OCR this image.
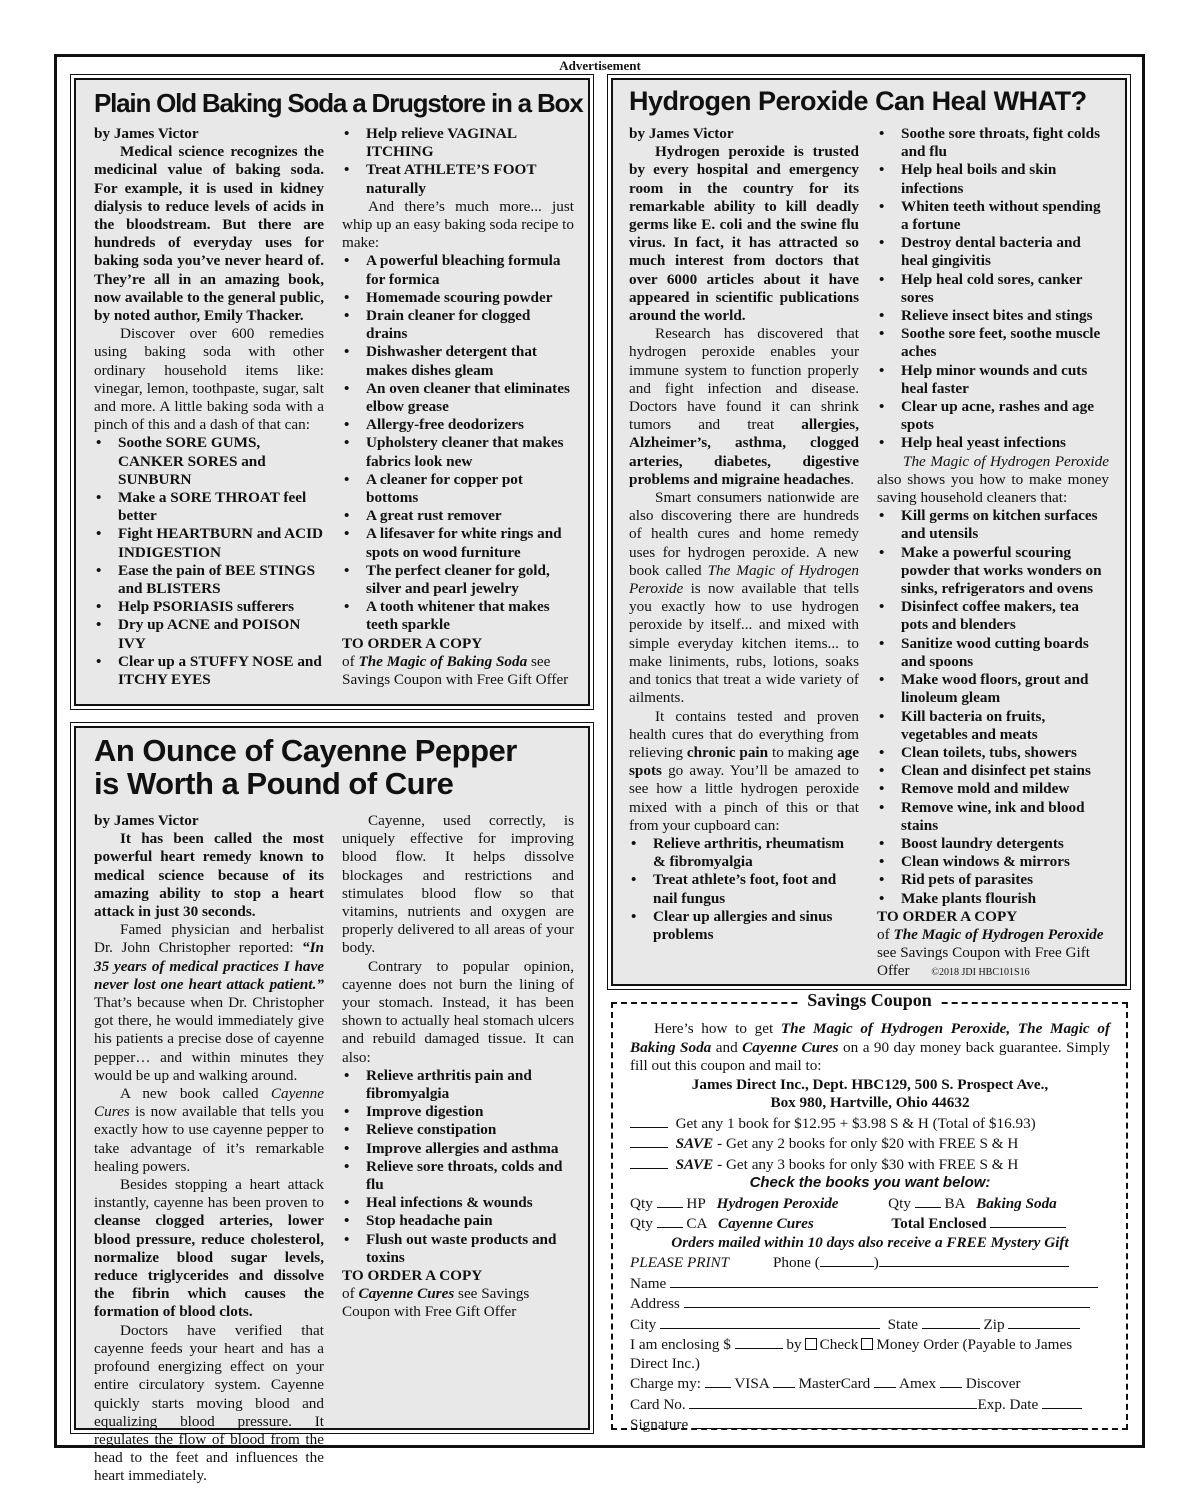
Advertisement
Plain Old Baking Soda a Drugstore in a Box

by James Victor

Medical science recognizes the medicinal value of baking soda. For example, it is used in kidney dialysis to reduce levels of acids in the bloodstream. But there are hundreds of everyday uses for baking soda you’ve never heard of. They’re all in an amazing book, now available to the general public, by noted author, Emily Thacker.

Discover over 600 remedies using baking soda with other ordinary household items like: vinegar, lemon, toothpaste, sugar, salt and more. A little baking soda with a pinch of this and a dash of that can:

• Soothe SORE GUMS, CANKER SORES and SUNBURN
• Make a SORE THROAT feel better
• Fight HEARTBURN and ACID INDIGESTION
• Ease the pain of BEE STINGS and BLISTERS
• Help PSORIASIS sufferers
• Dry up ACNE and POISON IVY
• Clear up a STUFFY NOSE and ITCHY EYES
• Help relieve VAGINAL ITCHING
• Treat ATHLETE’S FOOT naturally

And there’s much more... just whip up an easy baking soda recipe to make:

• A powerful bleaching formula for formica
• Homemade scouring powder
• Drain cleaner for clogged drains
• Dishwasher detergent that makes dishes gleam
• An oven cleaner that eliminates elbow grease
• Allergy-free deodorizers
• Upholstery cleaner that makes fabrics look new
• A cleaner for copper pot bottoms
• A great rust remover
• A lifesaver for white rings and spots on wood furniture
• The perfect cleaner for gold, silver and pearl jewelry
• A tooth whitener that makes teeth sparkle

TO ORDER A COPY

of The Magic of Baking Soda see Savings Coupon with Free Gift Offer

Hydrogen Peroxide Can Heal WHAT?

by James Victor

Hydrogen peroxide is trusted by every hospital and emergency room in the country for its remarkable ability to kill deadly germs like E. coli and the swine flu virus. In fact, it has attracted so much interest from doctors that over 6000 articles about it have appeared in scientific publications around the world.

Research has discovered that hydrogen peroxide enables your immune system to function properly and fight infection and disease. Doctors have found it can shrink tumors and treat allergies, Alzheimer’s, asthma, clogged arteries, diabetes, digestive problems and migraine headaches.

Smart consumers nationwide are also discovering there are hundreds of health cures and home remedy uses for hydrogen peroxide. A new book called The Magic of Hydrogen Peroxide is now available that tells you exactly how to use hydrogen peroxide by itself... and mixed with simple everyday kitchen items... to make liniments, rubs, lotions, soaks and tonics that treat a wide variety of ailments.

It contains tested and proven health cures that do everything from relieving chronic pain to making age spots go away. You’ll be amazed to see how a little hydrogen peroxide mixed with a pinch of this or that from your cupboard can:

• Relieve arthritis, rheumatism & fibromyalgia
• Treat athlete’s foot, foot and nail fungus
• Clear up allergies and sinus problems
• Soothe sore throats, fight colds and flu
• Help heal boils and skin infections
• Whiten teeth without spending a fortune
• Destroy dental bacteria and heal gingivitis
• Help heal cold sores, canker sores
• Relieve insect bites and stings
• Soothe sore feet, soothe muscle aches
• Help minor wounds and cuts heal faster
• Clear up acne, rashes and age spots
• Help heal yeast infections

The Magic of Hydrogen Peroxide also shows you how to make money saving household cleaners that:

• Kill germs on kitchen surfaces and utensils
• Make a powerful scouring powder that works wonders on sinks, refrigerators and ovens
• Disinfect coffee makers, tea pots and blenders
• Sanitize wood cutting boards and spoons
• Make wood floors, grout and linoleum gleam
• Kill bacteria on fruits, vegetables and meats
• Clean toilets, tubs, showers
• Clean and disinfect pet stains
• Remove mold and mildew
• Remove wine, ink and blood stains
• Boost laundry detergents
• Clean windows & mirrors
• Rid pets of parasites
• Make plants flourish

TO ORDER A COPY

of The Magic of Hydrogen Peroxide see Savings Coupon with Free Gift Offer ©2018 JDI HBC101S16

An Ounce of Cayenne Pepper
is Worth a Pound of Cure

by James Victor

It has been called the most powerful heart remedy known to medical science because of its amazing ability to stop a heart attack in just 30 seconds.

Famed physician and herbalist Dr. John Christopher reported: “In 35 years of medical practices I have never lost one heart attack patient.” That’s because when Dr. Christopher got there, he would immediately give his patients a precise dose of cayenne pepper… and within minutes they would be up and walking around.

A new book called Cayenne Cures is now available that tells you exactly how to use cayenne pepper to take advantage of it’s remarkable healing powers.

Besides stopping a heart attack instantly, cayenne has been proven to cleanse clogged arteries, lower blood pressure, reduce cholesterol, normalize blood sugar levels, reduce triglycerides and dissolve the fibrin which causes the formation of blood clots.

Doctors have verified that cayenne feeds your heart and has a profound energizing effect on your entire circulatory system. Cayenne quickly starts moving blood and equalizing blood pressure. It regulates the flow of blood from the head to the feet and influences the heart immediately.

Cayenne, used correctly, is uniquely effective for improving blood flow. It helps dissolve blockages and restrictions and stimulates blood flow so that vitamins, nutrients and oxygen are properly delivered to all areas of your body.

Contrary to popular opinion, cayenne does not burn the lining of your stomach. Instead, it has been shown to actually heal stomach ulcers and rebuild damaged tissue. It can also:

• Relieve arthritis pain and fibromyalgia
• Improve digestion
• Relieve constipation
• Improve allergies and asthma
• Relieve sore throats, colds and flu
• Heal infections & wounds
• Stop headache pain
• Flush out waste products and toxins

TO ORDER A COPY

of Cayenne Cures see Savings Coupon with Free Gift Offer

Savings Coupon

Here’s how to get The Magic of Hydrogen Peroxide, The Magic of Baking Soda and Cayenne Cures on a 90 day money back guarantee. Simply fill out this coupon and mail to:

James Direct Inc., Dept. HBC129, 500 S. Prospect Ave.,
Box 980, Hartville, Ohio 44632
Get any 1 book for $12.95 + $3.98 S & H (Total of $16.93)
SAVE - Get any 2 books for only $20 with FREE S & H
SAVE - Get any 3 books for only $30 with FREE S & H
Check the books you want below:
Qty HP Hydrogen Peroxide	Qty BA Baking Soda
Qty CA Cayenne Cures	Total Enclosed
Orders mailed within 10 days also receive a FREE Mystery Gift
PLEASE PRINT	Phone (	)
Name
Address
City	State	Zip
I am enclosing $	by Check Money Order (Payable to James Direct Inc.)
Charge my: VISA MasterCard Amex Discover
Card No.	Exp. Date
Signature
